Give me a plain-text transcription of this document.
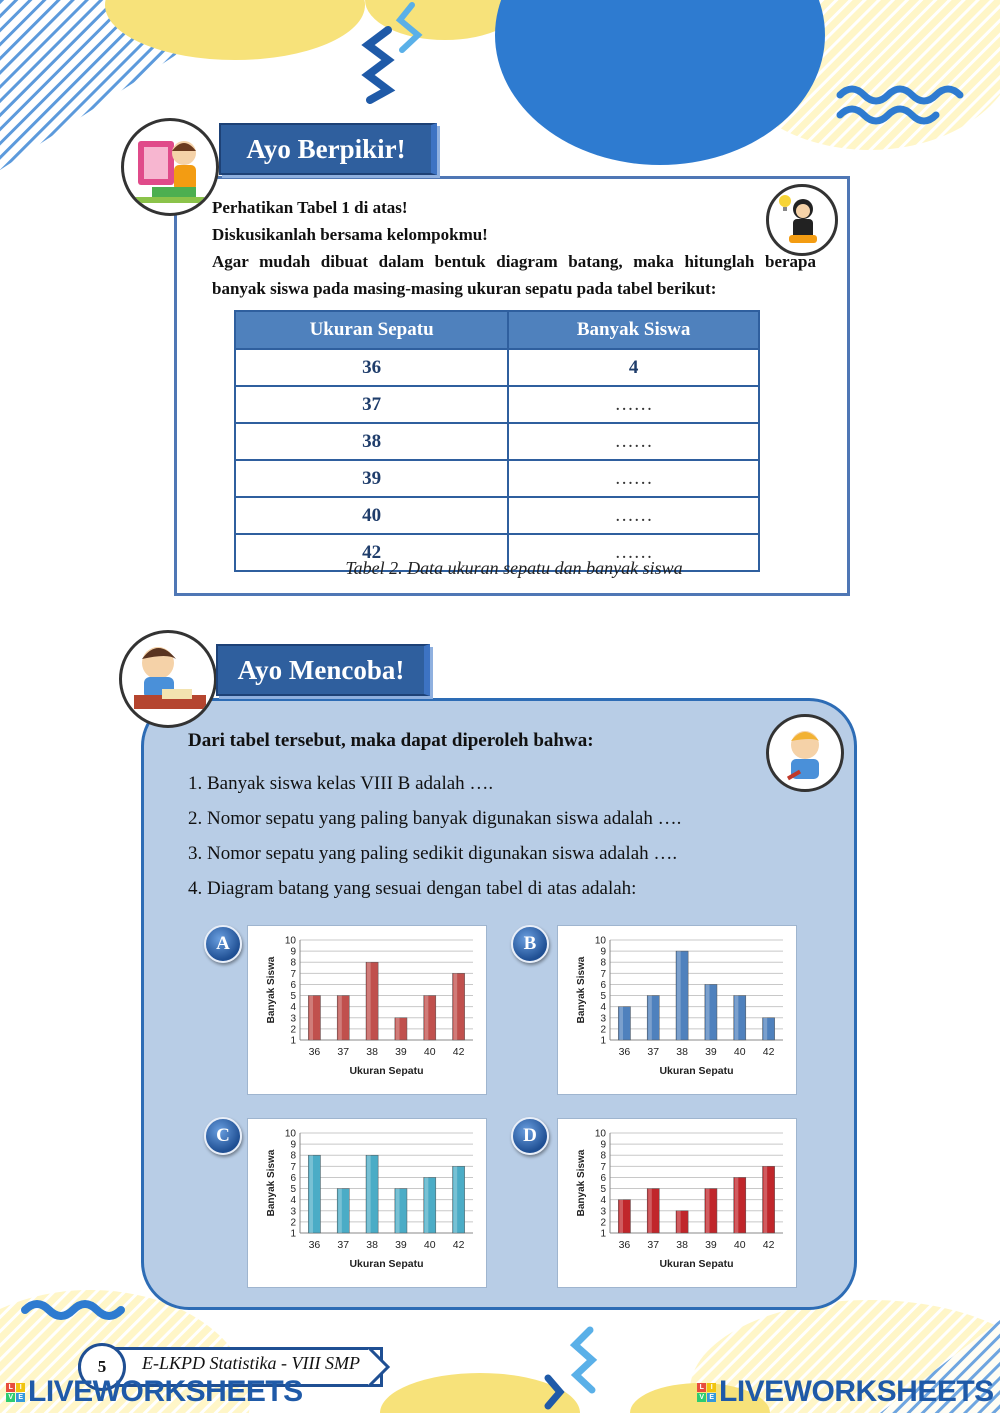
Ayo Berpikir!

Perhatikan Tabel 1 di atas!

Diskusikanlah bersama kelompokmu!

Agar mudah dibuat dalam bentuk diagram batang, maka hitunglah berapa banyak siswa pada masing-masing ukuran sepatu pada tabel berikut:

Ukuran Sepatu	Banyak Siswa
36	4
37	……
38	……
39	……
40	……
42	……
Tabel 2. Data ukuran sepatu dan banyak siswa
Ayo Mencoba!
Dari tabel tersebut, maka dapat diperoleh bahwa:
1. Banyak siswa kelas VIII B adalah ….
2. Nomor sepatu yang paling banyak digunakan siswa adalah ….
3. Nomor sepatu yang paling sedikit digunakan siswa adalah ….
4. Diagram batang yang sesuai dengan tabel di atas adalah:
1
2
3
4
5
6
7
8
9
10
36 37 38 39 40 42
Ukuran Sepatu
Banyak Siswa
1
2
3
4
5
6
7
8
9
10
36 37 38 39 40 42
Ukuran Sepatu
Banyak Siswa
1
2
3
4
5
6
7
8
9
10
36 37 38 39 40 42
Ukuran Sepatu
Banyak Siswa
1
2
3
4
5
6
7
8
9
10
36 37 38 39 40 42
Ukuran Sepatu
Banyak Siswa
A	B
C	D
5	E-LKPD Statistika - VIII SMP
L	I
V E LIVEWORKSHEETS	L	I
V E LIVEWORKSHEETS
